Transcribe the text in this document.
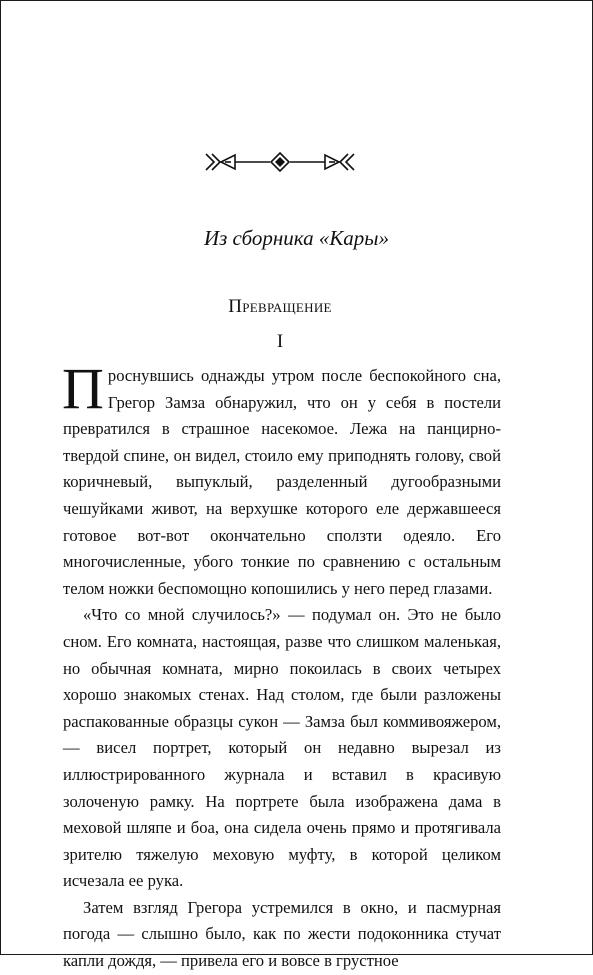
Из сборника «Кары»
Превращение
I

Проснувшись однажды утром после беспокойного сна, Грегор Замза обнаружил, что он у себя в постели превратился в страшное насекомое. Лежа на панцирно-твердой спине, он видел, стоило ему приподнять голову, свой коричневый, выпуклый, разделенный дугообразными чешуйками живот, на верхушке которого еле державшееся готовое вот-вот окончательно сползти одеяло. Его многочисленные, убого тонкие по сравнению с остальным телом ножки беспомощно копошились у него перед глазами.

«Что со мной случилось?» — подумал он. Это не было сном. Его комната, настоящая, разве что слишком маленькая, но обычная комната, мирно покоилась в своих четырех хорошо знакомых стенах. Над столом, где были разложены распакованные образцы сукон — Замза был коммивояжером, — висел портрет, который он недавно вырезал из иллюстрированного журнала и вставил в красивую золоченую рамку. На портрете была изображена дама в меховой шляпе и боа, она сидела очень прямо и протягивала зрителю тяжелую меховую муфту, в которой целиком исчезала ее рука.

Затем взгляд Грегора устремился в окно, и пасмурная погода — слышно было, как по жести подоконника стучат капли дождя, — привела его и вовсе в грустное
